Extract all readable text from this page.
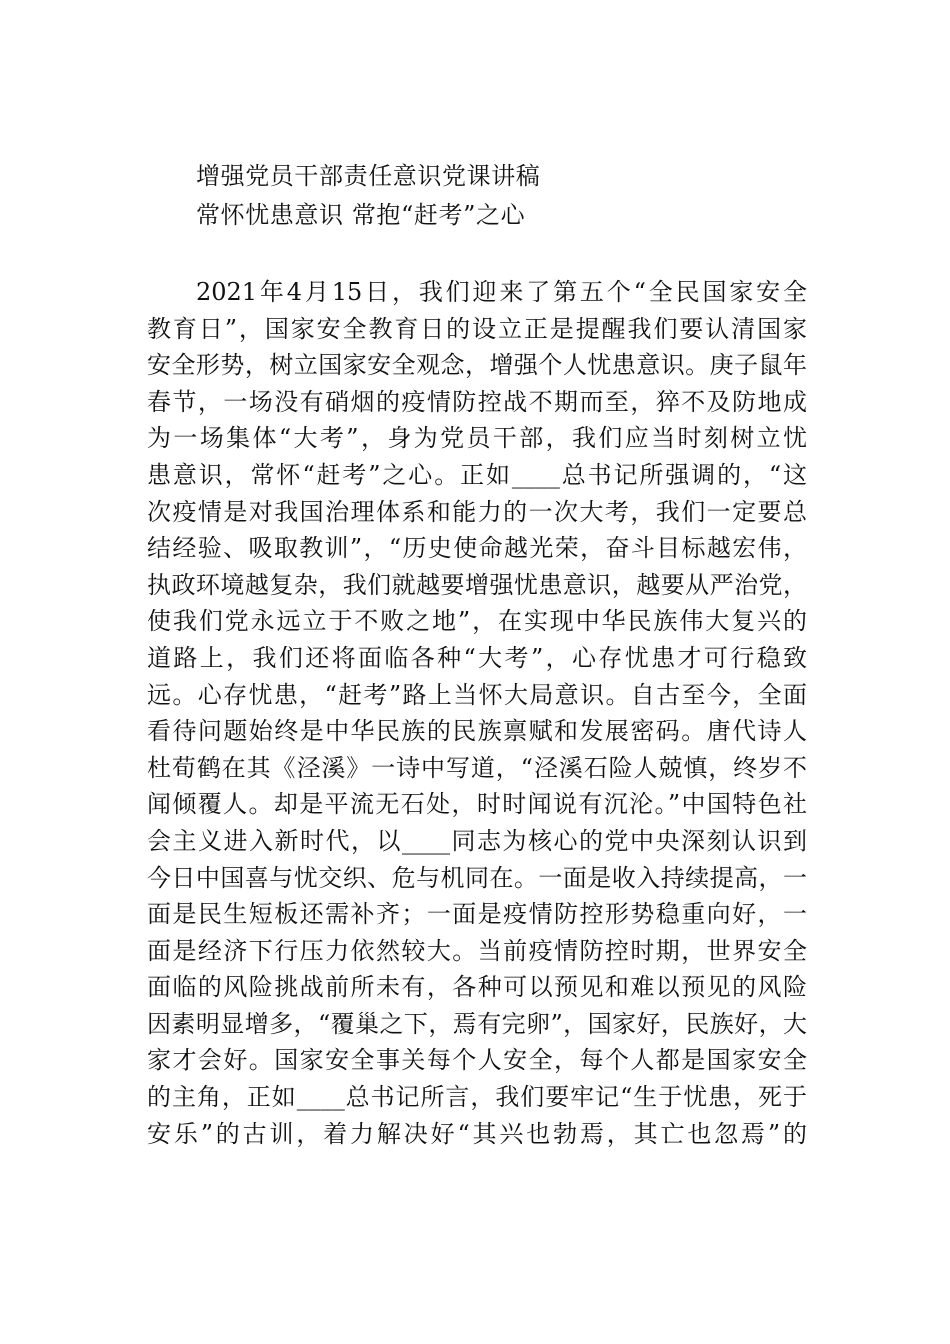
增强党员干部责任意识党课讲稿
常怀忧患意识 常抱“赶考”之心
2021年4月15日，我们迎来了第五个“全民国家安全
教育日”，国家安全教育日的设立正是提醒我们要认清国家
安全形势，树立国家安全观念，增强个人忧患意识。庚子鼠年
春节，一场没有硝烟的疫情防控战不期而至，猝不及防地成
为一场集体“大考”，身为党员干部，我们应当时刻树立忧
患意识，常怀“赶考”之心。正如____总书记所强调的，“这
次疫情是对我国治理体系和能力的一次大考，我们一定要总
结经验、吸取教训”，“历史使命越光荣，奋斗目标越宏伟，
执政环境越复杂，我们就越要增强忧患意识，越要从严治党，
使我们党永远立于不败之地”，在实现中华民族伟大复兴的
道路上，我们还将面临各种“大考”，心存忧患才可行稳致
远。心存忧患，“赶考”路上当怀大局意识。自古至今，全面
看待问题始终是中华民族的民族禀赋和发展密码。唐代诗人
杜荀鹤在其《泾溪》一诗中写道，“泾溪石险人兢慎，终岁不
闻倾覆人。却是平流无石处，时时闻说有沉沦。”中国特色社
会主义进入新时代，以____同志为核心的党中央深刻认识到
今日中国喜与忧交织、危与机同在。一面是收入持续提高，一
面是民生短板还需补齐；一面是疫情防控形势稳重向好，一
面是经济下行压力依然较大。当前疫情防控时期，世界安全
面临的风险挑战前所未有，各种可以预见和难以预见的风险
因素明显增多，“覆巢之下，焉有完卵”，国家好，民族好，大
家才会好。国家安全事关每个人安全，每个人都是国家安全
的主角，正如____总书记所言，我们要牢记“生于忧患，死于
安乐”的古训，着力解决好“其兴也勃焉，其亡也忽焉”的
